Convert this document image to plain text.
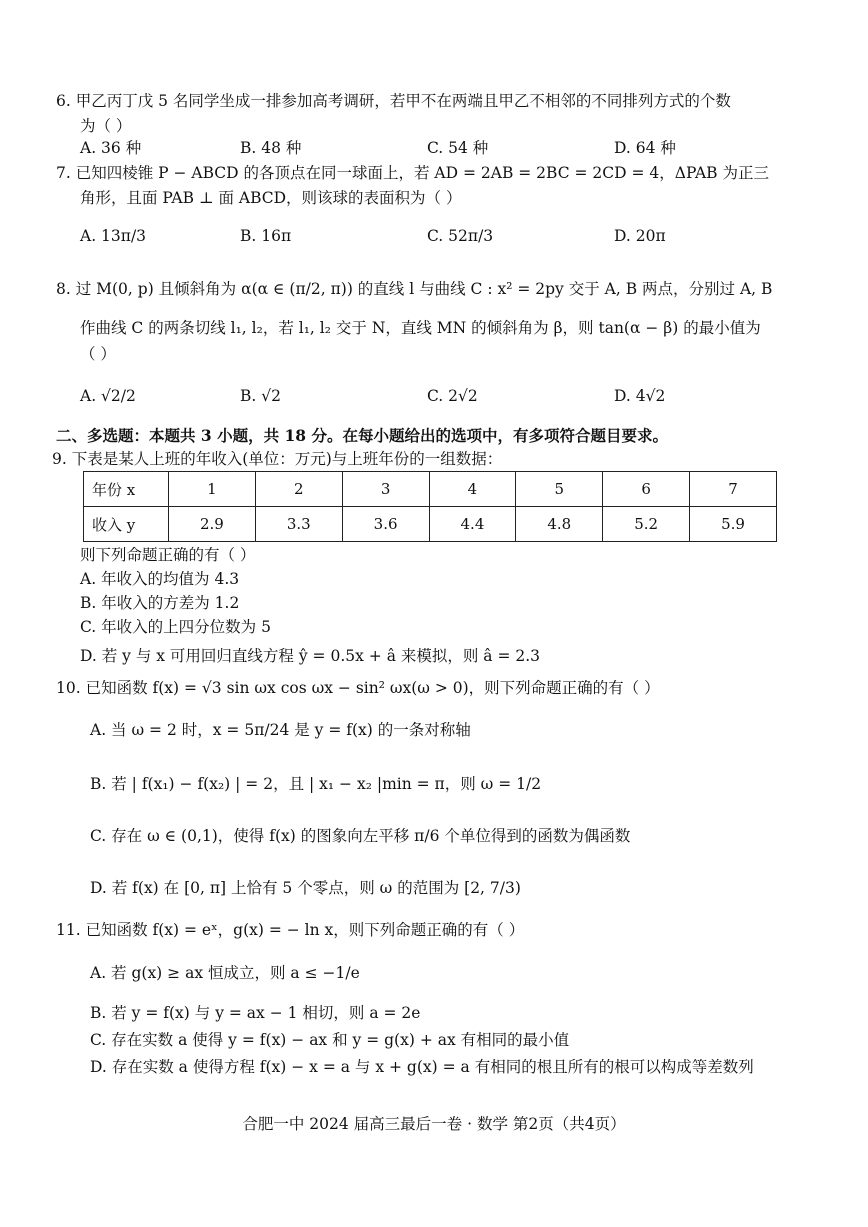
6. 甲乙丙丁戊 5 名同学坐成一排参加高考调研，若甲不在两端且甲乙不相邻的不同排列方式的个数
为（ ）
A. 36 种	B. 48 种	C. 54 种	D. 64 种
7. 已知四棱锥 P − ABCD 的各顶点在同一球面上，若 AD = 2AB = 2BC = 2CD = 4，ΔPAB 为正三
角形，且面 PAB ⊥ 面 ABCD，则该球的表面积为（ ）
A. 13π/3	B. 16π	C. 52π/3	D. 20π
8. 过 M(0, p) 且倾斜角为 α(α ∈ (π/2, π)) 的直线 l 与曲线 C : x² = 2py 交于 A, B 两点，分别过 A, B
作曲线 C 的两条切线 l₁, l₂，若 l₁, l₂ 交于 N，直线 MN 的倾斜角为 β，则 tan(α − β) 的最小值为
（ ）
A. √2/2	B. √2	C. 2√2	D. 4√2
二、多选题：本题共 3 小题，共 18 分。在每小题给出的选项中，有多项符合题目要求。
9. 下表是某人上班的年收入(单位：万元)与上班年份的一组数据：
年份 x	1	2	3	4	5	6	7
收入 y	2.9	3.3	3.6	4.4	4.8	5.2	5.9
则下列命题正确的有（ ）
A. 年收入的均值为 4.3
B. 年收入的方差为 1.2
C. 年收入的上四分位数为 5
D. 若 y 与 x 可用回归直线方程 ŷ = 0.5x + â 来模拟，则 â = 2.3
10. 已知函数 f(x) = √3 sin ωx cos ωx − sin² ωx(ω > 0)，则下列命题正确的有（ ）
A. 当 ω = 2 时，x = 5π/24 是 y = f(x) 的一条对称轴
B. 若 | f(x₁) − f(x₂) | = 2，且 | x₁ − x₂ |min = π，则 ω = 1/2
C. 存在 ω ∈ (0,1)，使得 f(x) 的图象向左平移 π/6 个单位得到的函数为偶函数
D. 若 f(x) 在 [0, π] 上恰有 5 个零点，则 ω 的范围为 [2, 7/3)
11. 已知函数 f(x) = eˣ，g(x) = − ln x，则下列命题正确的有（ ）
A. 若 g(x) ≥ ax 恒成立，则 a ≤ −1/e
B. 若 y = f(x) 与 y = ax − 1 相切，则 a = 2e
C. 存在实数 a 使得 y = f(x) − ax 和 y = g(x) + ax 有相同的最小值
D. 存在实数 a 使得方程 f(x) − x = a 与 x + g(x) = a 有相同的根且所有的根可以构成等差数列
合肥一中 2024 届高三最后一卷 · 数学 第2页（共4页）
